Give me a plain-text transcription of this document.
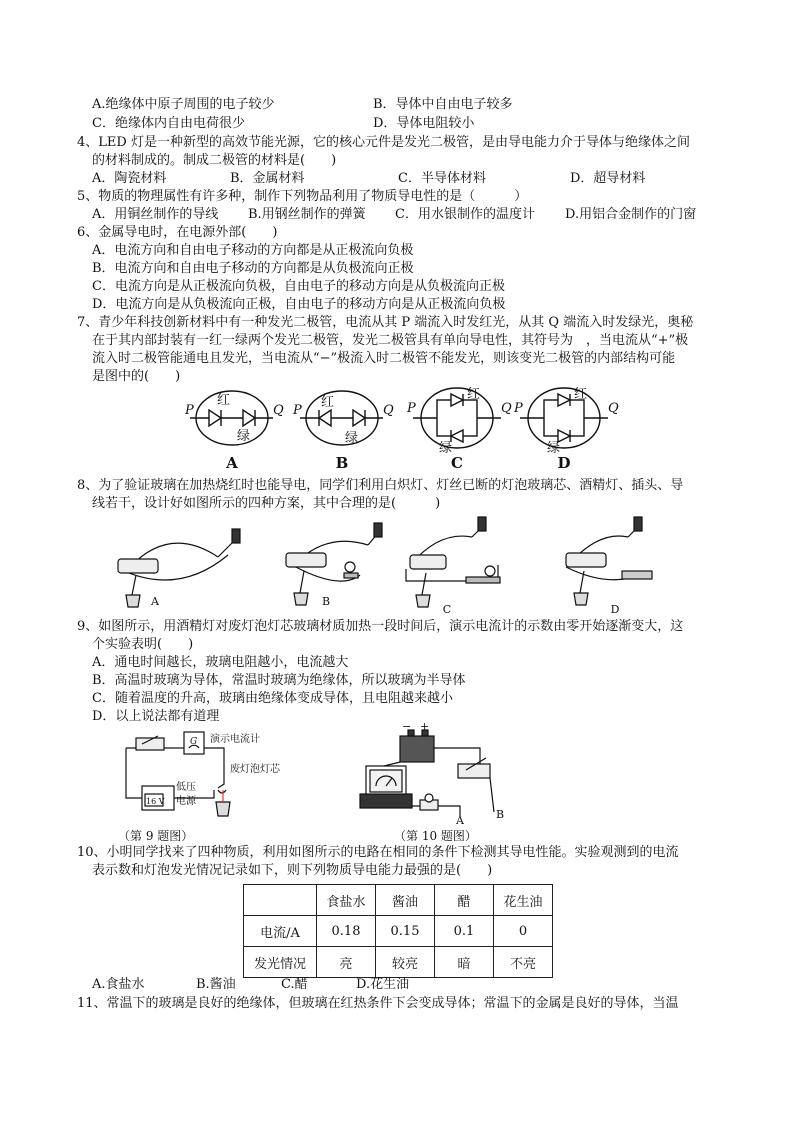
A.绝缘体中原子周围的电子较少	B．导体中自由电子较多
C．绝缘体内自由电荷很少	D．导体电阻较小
4、LED 灯是一种新型的高效节能光源，它的核心元件是发光二极管，是由导电能力介于导体与绝缘体之间
的材料制成的。制成二极管的材料是(　　)
A．陶瓷材料	B．金属材料	C．半导体材料	D．超导材料
5、物质的物理属性有许多种，制作下列物品利用了物质导电性的是（　　　）
A．用铜丝制作的导线 B.用钢丝制作的弹簧 C．用水银制作的温度计 D.用铝合金制作的门窗
6、金属导电时，在电源外部(　　)
A．电流方向和自由电子移动的方向都是从正极流向负极
B．电流方向和自由电子移动的方向都是从负极流向正极
C．电流方向是从正极流向负极，自由电子的移动方向是从负极流向正极
D．电流方向是从负极流向正极，自由电子的移动方向是从正极流向负极
7、青少年科技创新材料中有一种发光二极管，电流从其 P 端流入时发红光，从其 Q 端流入时发绿光，奥秘
在于其内部封装有一红一绿两个发光二极管，发光二极管具有单向导电性，其符号为　，当电流从“+”极
流入时二极管能通电且发光，当电流从“−”极流入时二极管不能发光，则该变光二极管的内部结构可能
是图中的(　　)
P	Q
红
绿
P	Q
红
绿
P	Q
红
绿
P	Q
红
绿
A	B	C	D
8、为了验证玻璃在加热烧红时也能导电，同学们利用白炽灯、灯丝已断的灯泡玻璃芯、酒精灯、插头、导
线若干，设计好如图所示的四种方案，其中合理的是(　　　)
A	B
C	D
9、如图所示，用酒精灯对废灯泡灯芯玻璃材质加热一段时间后，演示电流计的示数由零开始逐渐变大，这
个实验表明(　　)
A．通电时间越长，玻璃电阻越小，电流越大
B．高温时玻璃为导体，常温时玻璃为绝缘体，所以玻璃为半导体
C．随着温度的升高，玻璃由绝缘体变成导体，且电阻越来越小
D．以上说法都有道理
G 演示电流计
废灯泡灯芯
16 V
低压
电源
（第 9 题图）
− +
A	B
（第 10 题图）
10、小明同学找来了四种物质，利用如图所示的电路在相同的条件下检测其导电性能。实验观测到的电流
表示数和灯泡发光情况记录如下，则下列物质导电能力最强的是(　　)
	食盐水	酱油	醋	花生油
电流/A	0.18	0.15	0.1	0
发光情况	亮	较亮	暗	不亮
A.食盐水	B.酱油	C.醋	D.花生油
11、常温下的玻璃是良好的绝缘体，但玻璃在红热条件下会变成导体；常温下的金属是良好的导体，当温
